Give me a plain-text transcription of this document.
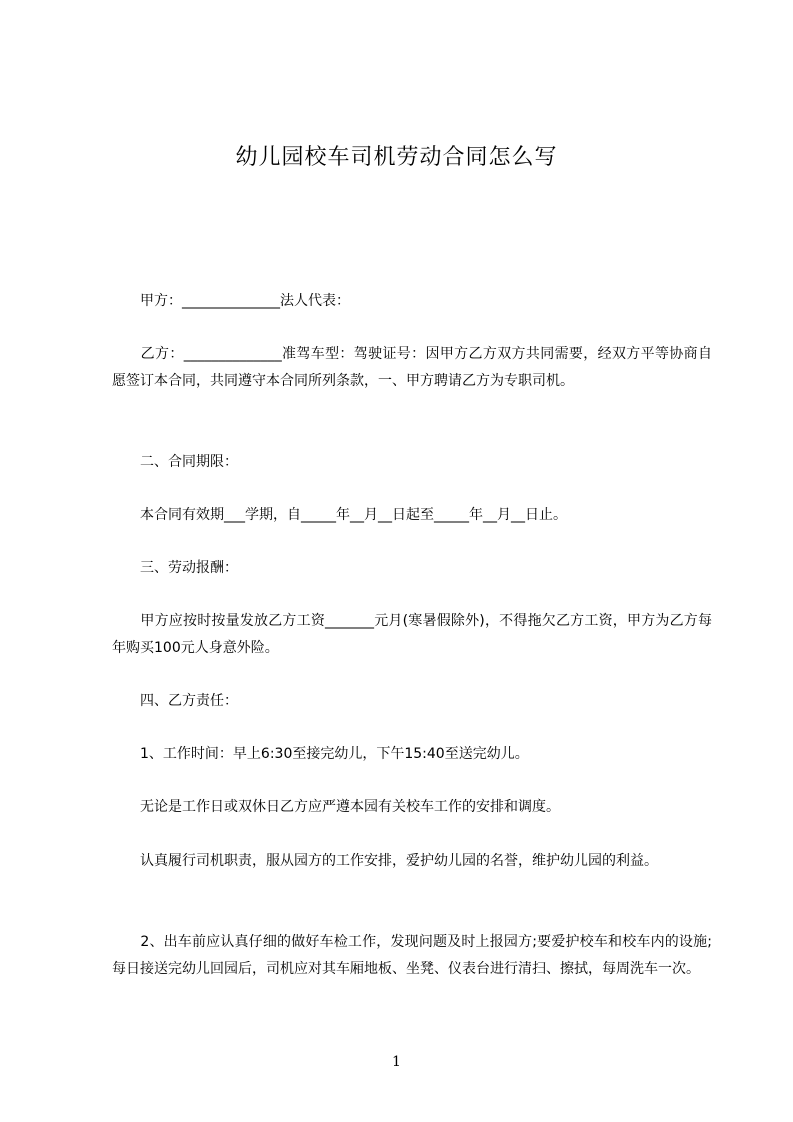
幼儿园校车司机劳动合同怎么写

　　甲方：______________法人代表：

　　乙方：______________准驾车型：驾驶证号：因甲方乙方双方共同需要，经双方平等协商自愿签订本合同，共同遵守本合同所列条款，一、甲方聘请乙方为专职司机。

　　二、合同期限：

　　本合同有效期___学期，自_____年__月__日起至_____年__月__日止。

　　三、劳动报酬：

　　甲方应按时按量发放乙方工资_______元月(寒暑假除外)，不得拖欠乙方工资，甲方为乙方每年购买100元人身意外险。

　　四、乙方责任：

　　1、工作时间：早上6:30至接完幼儿，下午15:40至送完幼儿。

　　无论是工作日或双休日乙方应严遵本园有关校车工作的安排和调度。

　　认真履行司机职责，服从园方的工作安排，爱护幼儿园的名誉，维护幼儿园的利益。

　　2、出车前应认真仔细的做好车检工作，发现问题及时上报园方;要爱护校车和校车内的设施;每日接送完幼儿回园后，司机应对其车厢地板、坐凳、仪表台进行清扫、擦拭，每周洗车一次。

1
